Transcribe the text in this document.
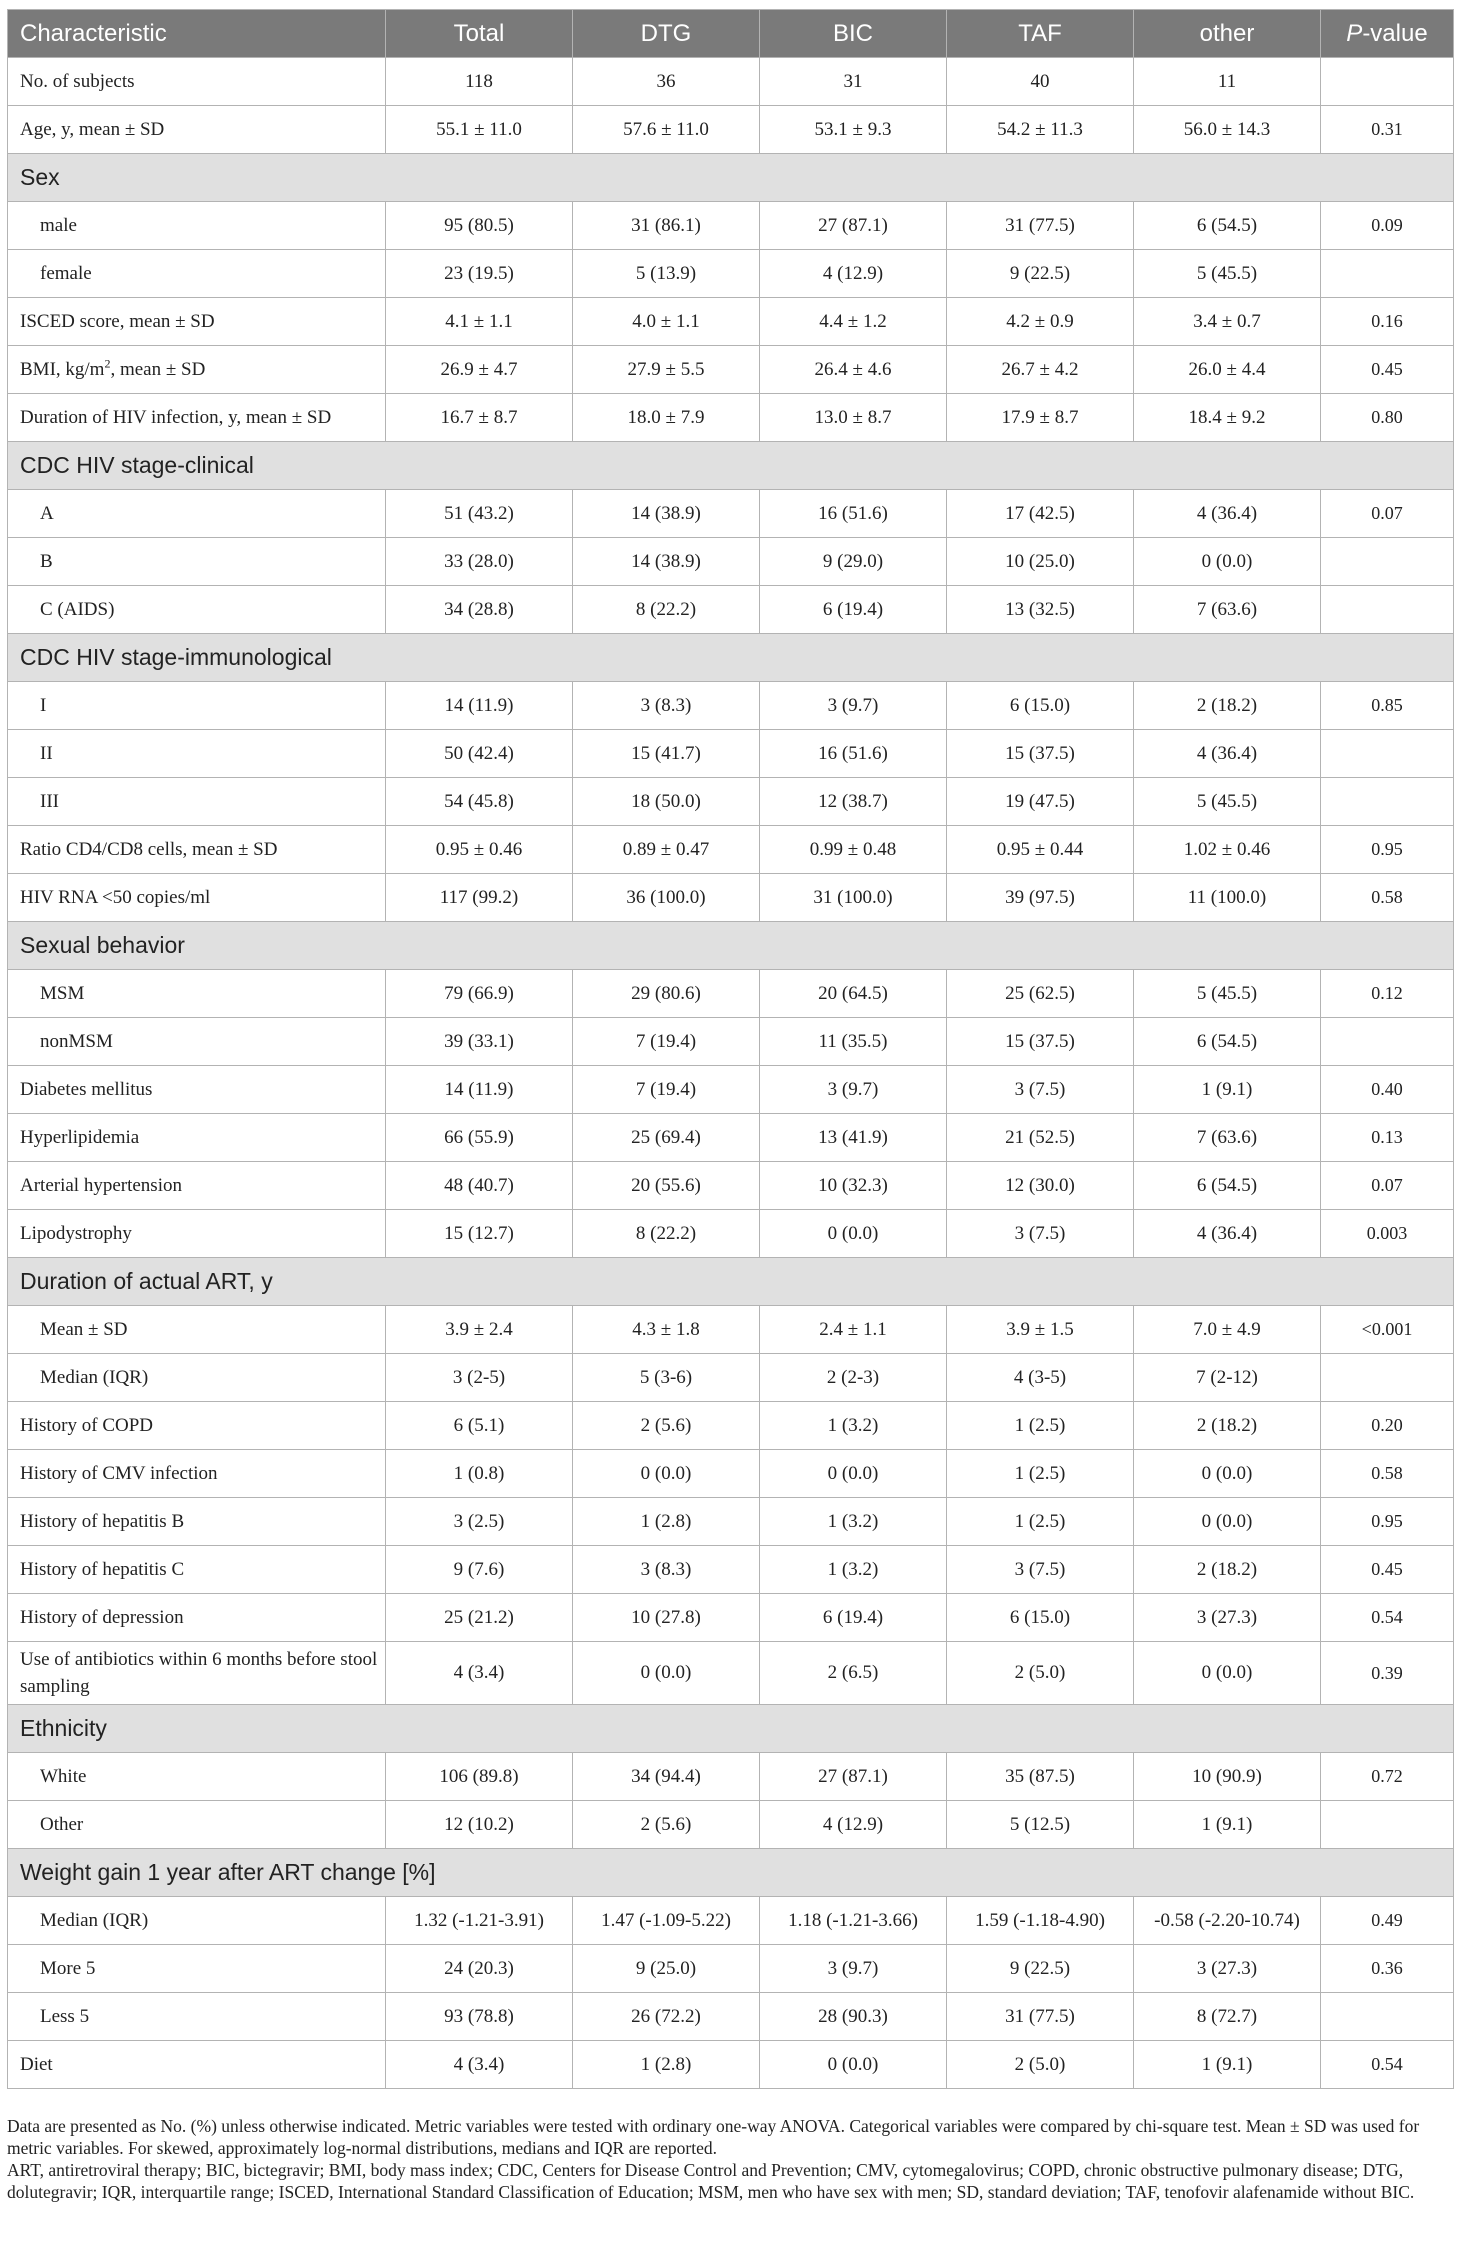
Characteristic	Total	DTG	BIC	TAF	other	P-value
No. of subjects	118	36	31	40	11	
Age, y, mean ± SD	55.1 ± 11.0	57.6 ± 11.0	53.1 ± 9.3	54.2 ± 11.3	56.0 ± 14.3	0.31
Sex						
male	95 (80.5)	31 (86.1)	27 (87.1)	31 (77.5)	6 (54.5)	0.09
female	23 (19.5)	5 (13.9)	4 (12.9)	9 (22.5)	5 (45.5)	
ISCED score, mean ± SD	4.1 ± 1.1	4.0 ± 1.1	4.4 ± 1.2	4.2 ± 0.9	3.4 ± 0.7	0.16
BMI, $kg/m^2$, mean ± SD	26.9 ± 4.7	27.9 ± 5.5	26.4 ± 4.6	26.7 ± 4.2	26.0 ± 4.4	0.45
Duration of HIV infection, y, mean ± SD	16.7 ± 8.7	18.0 ± 7.9	13.0 ± 8.7	17.9 ± 8.7	18.4 ± 9.2	0.80
CDC HIV stage-clinical						
A	51 (43.2)	14 (38.9)	16 (51.6)	17 (42.5)	4 (36.4)	0.07
B	33 (28.0)	14 (38.9)	9 (29.0)	10 (25.0)	0 (0.0)	
C (AIDS)	34 (28.8)	8 (22.2)	6 (19.4)	13 (32.5)	7 (63.6)	
CDC HIV stage-immunological						
I	14 (11.9)	3 (8.3)	3 (9.7)	6 (15.0)	2 (18.2)	0.85
II	50 (42.4)	15 (41.7)	16 (51.6)	15 (37.5)	4 (36.4)	
III	54 (45.8)	18 (50.0)	12 (38.7)	19 (47.5)	5 (45.5)	
Ratio CD4/CD8 cells, mean ± SD	0.95 ± 0.46	0.89 ± 0.47	0.99 ± 0.48	0.95 ± 0.44	1.02 ± 0.46	0.95
HIV RNA <50 copies/ml	117 (99.2)	36 (100.0)	31 (100.0)	39 (97.5)	11 (100.0)	0.58
Sexual behavior						
MSM	79 (66.9)	29 (80.6)	20 (64.5)	25 (62.5)	5 (45.5)	0.12
nonMSM	39 (33.1)	7 (19.4)	11 (35.5)	15 (37.5)	6 (54.5)	
Diabetes mellitus	14 (11.9)	7 (19.4)	3 (9.7)	3 (7.5)	1 (9.1)	0.40
Hyperlipidemia	66 (55.9)	25 (69.4)	13 (41.9)	21 (52.5)	7 (63.6)	0.13
Arterial hypertension	48 (40.7)	20 (55.6)	10 (32.3)	12 (30.0)	6 (54.5)	0.07
Lipodystrophy	15 (12.7)	8 (22.2)	0 (0.0)	3 (7.5)	4 (36.4)	0.003
Duration of actual ART, y						
Mean ± SD	3.9 ± 2.4	4.3 ± 1.8	2.4 ± 1.1	3.9 ± 1.5	7.0 ± 4.9	<0.001
Median (IQR)	3 (2-5)	5 (3-6)	2 (2-3)	4 (3-5)	7 (2-12)	
History of COPD	6 (5.1)	2 (5.6)	1 (3.2)	1 (2.5)	2 (18.2)	0.20
History of CMV infection	1 (0.8)	0 (0.0)	0 (0.0)	1 (2.5)	0 (0.0)	0.58
History of hepatitis B	3 (2.5)	1 (2.8)	1 (3.2)	1 (2.5)	0 (0.0)	0.95
History of hepatitis C	9 (7.6)	3 (8.3)	1 (3.2)	3 (7.5)	2 (18.2)	0.45
History of depression	25 (21.2)	10 (27.8)	6 (19.4)	6 (15.0)	3 (27.3)	0.54
Use of antibiotics within 6 months before stool sampling	4 (3.4)	0 (0.0)	2 (6.5)	2 (5.0)	0 (0.0)	0.39
Ethnicity						
White	106 (89.8)	34 (94.4)	27 (87.1)	35 (87.5)	10 (90.9)	0.72
Other	12 (10.2)	2 (5.6)	4 (12.9)	5 (12.5)	1 (9.1)	
Weight gain 1 year after ART change [%]						
Median (IQR)	1.32 (-1.21-3.91)	1.47 (-1.09-5.22)	1.18 (-1.21-3.66)	1.59 (-1.18-4.90)	-0.58 (-2.20-10.74)	0.49
More 5	24 (20.3)	9 (25.0)	3 (9.7)	9 (22.5)	3 (27.3)	0.36
Less 5	93 (78.8)	26 (72.2)	28 (90.3)	31 (77.5)	8 (72.7)	
Diet	4 (3.4)	1 (2.8)	0 (0.0)	2 (5.0)	1 (9.1)	0.54

Data are presented as No. (%) unless otherwise indicated. Metric variables were tested with ordinary one-way ANOVA. Categorical variables were compared by chi-square test. Mean ± SD was used for metric variables. For skewed, approximately log-normal distributions, medians and IQR are reported.

ART, antiretroviral therapy; BIC, bictegravir; BMI, body mass index; CDC, Centers for Disease Control and Prevention; CMV, cytomegalovirus; COPD, chronic obstructive pulmonary disease; DTG, dolutegravir; IQR, interquartile range; ISCED, International Standard Classification of Education; MSM, men who have sex with men; SD, standard deviation; TAF, tenofovir alafenamide without BIC.
